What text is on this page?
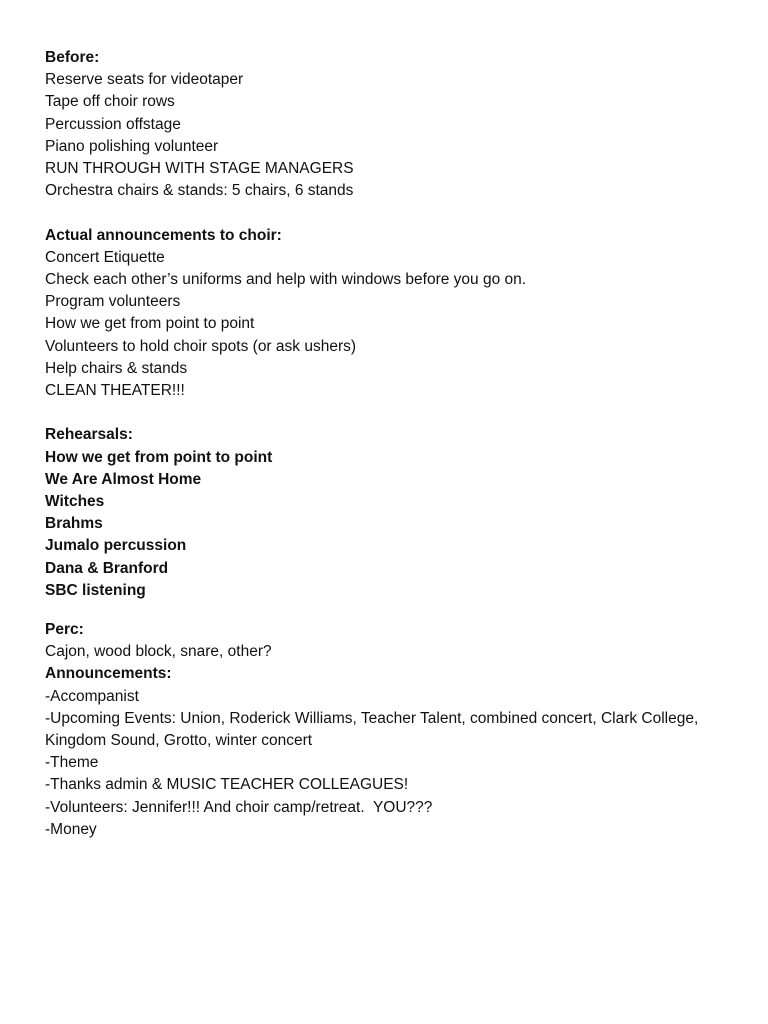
Before:

Reserve seats for videotaper

Tape off choir rows

Percussion offstage

Piano polishing volunteer

RUN THROUGH WITH STAGE MANAGERS

Orchestra chairs & stands: 5 chairs, 6 stands

Actual announcements to choir:

Concert Etiquette

Check each other’s uniforms and help with windows before you go on.

Program volunteers

How we get from point to point

Volunteers to hold choir spots (or ask ushers)

Help chairs & stands

CLEAN THEATER!!!

Rehearsals:

How we get from point to point

We Are Almost Home

Witches

Brahms

Jumalo percussion

Dana & Branford

SBC listening

Perc:

Cajon, wood block, snare, other?

Announcements:

-Accompanist

-Upcoming Events: Union, Roderick Williams, Teacher Talent, combined concert, Clark College,

Kingdom Sound, Grotto, winter concert

-Theme

-Thanks admin & MUSIC TEACHER COLLEAGUES!

-Volunteers: Jennifer!!! And choir camp/retreat.  YOU???

-Money
